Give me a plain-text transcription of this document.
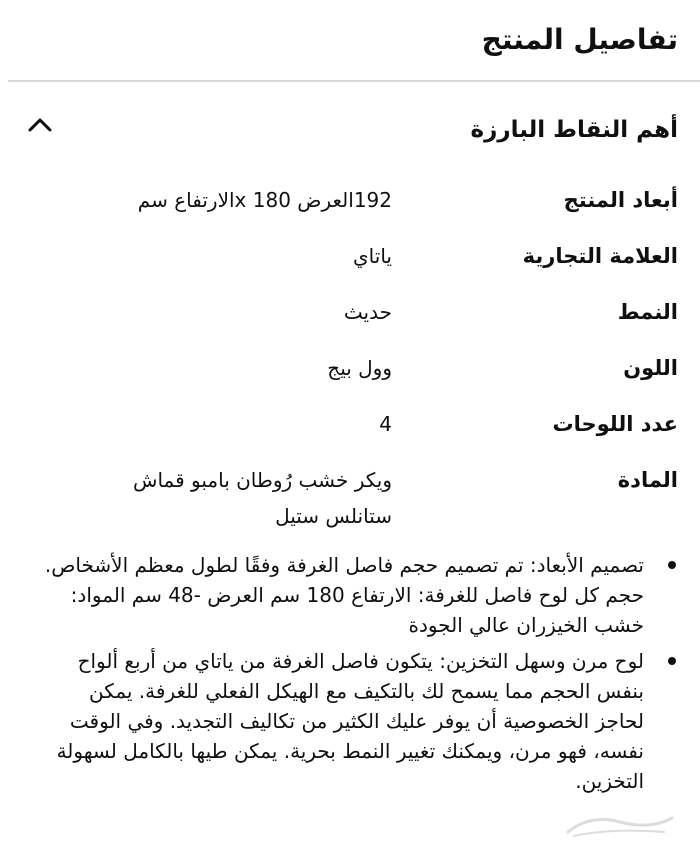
تفاصيل المنتج
أهم النقاط البارزة
أبعاد المنتج
192العرض 180 xالارتفاع سم
العلامة التجارية
ياتاي
النمط
حديث
اللون
وول بيج
عدد اللوحات
4
المادة
ويكر خشب رُوطان بامبو قماش ستانلس ستيل
تصميم الأبعاد: تم تصميم حجم فاصل الغرفة وفقًا لطول معظم الأشخاص. حجم كل لوح فاصل للغرفة: الارتفاع 180 سم العرض -48 سم المواد: خشب الخيزران عالي الجودة
لوح مرن وسهل التخزين: يتكون فاصل الغرفة من ياتاي من أربع ألواح بنفس الحجم مما يسمح لك بالتكيف مع الهيكل الفعلي للغرفة. يمكن لحاجز الخصوصية أن يوفر عليك الكثير من تكاليف التجديد. وفي الوقت نفسه، فهو مرن، ويمكنك تغيير النمط بحرية. يمكن طيها بالكامل لسهولة التخزين.
